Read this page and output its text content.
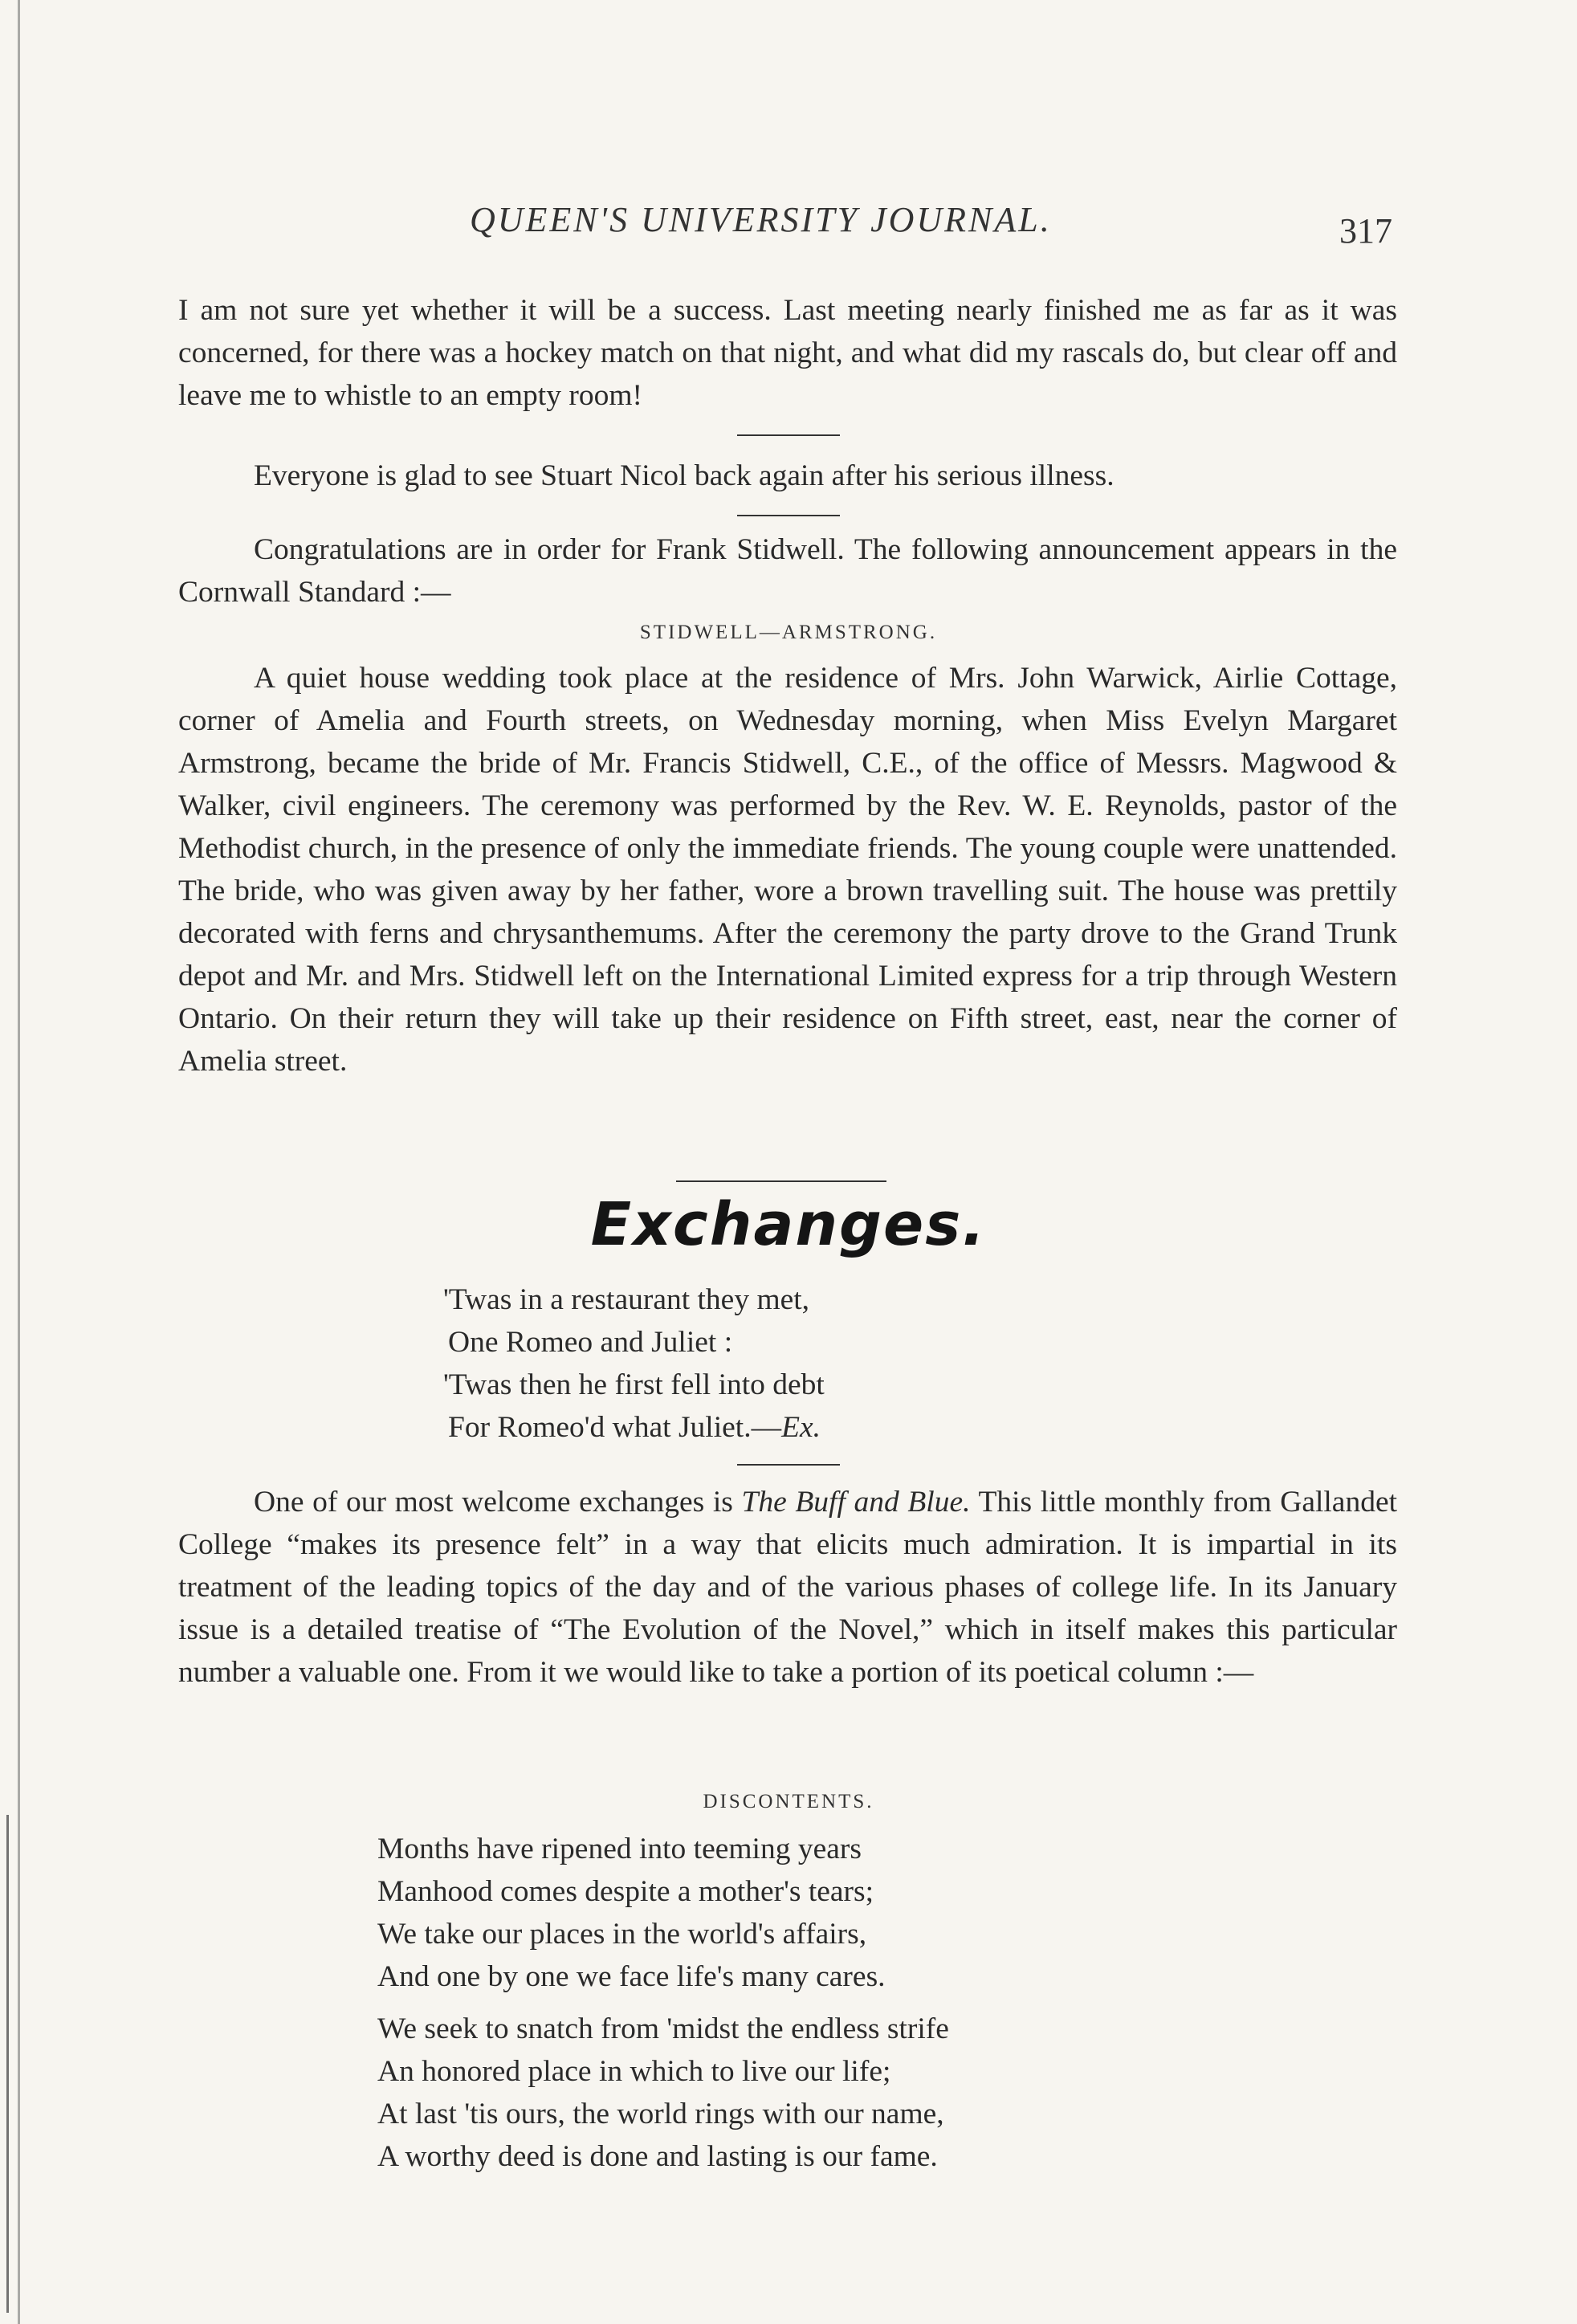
QUEEN'S UNIVERSITY JOURNAL.	317

I am not sure yet whether it will be a success. Last meeting nearly finished me as far as it was concerned, for there was a hockey match on that night, and what did my rascals do, but clear off and leave me to whistle to an empty room!

Everyone is glad to see Stuart Nicol back again after his serious illness.

Congratulations are in order for Frank Stidwell. The following announcement appears in the Cornwall Standard :—

STIDWELL—ARMSTRONG.

A quiet house wedding took place at the residence of Mrs. John Warwick, Airlie Cottage, corner of Amelia and Fourth streets, on Wednesday morning, when Miss Evelyn Margaret Armstrong, became the bride of Mr. Francis Stidwell, C.E., of the office of Messrs. Magwood & Walker, civil engineers. The ceremony was performed by the Rev. W. E. Reynolds, pastor of the Methodist church, in the presence of only the immediate friends. The young couple were unattended. The bride, who was given away by her father, wore a brown travelling suit. The house was prettily decorated with ferns and chrysanthemums. After the ceremony the party drove to the Grand Trunk depot and Mr. and Mrs. Stidwell left on the International Limited express for a trip through Western Ontario. On their return they will take up their residence on Fifth street, east, near the corner of Amelia street.

Exchanges.
'Twas in a restaurant they met,
One Romeo and Juliet :
'Twas then he first fell into debt
For Romeo'd what Juliet.—Ex.

One of our most welcome exchanges is The Buff and Blue. This little monthly from Gallandet College “makes its presence felt” in a way that elicits much admiration. It is impartial in its treatment of the leading topics of the day and of the various phases of college life. In its January issue is a detailed treatise of “The Evolution of the Novel,” which in itself makes this particular number a valuable one. From it we would like to take a portion of its poetical column :—

DISCONTENTS.
Months have ripened into teeming years
Manhood comes despite a mother's tears;
We take our places in the world's affairs,
And one by one we face life's many cares.
We seek to snatch from 'midst the endless strife
An honored place in which to live our life;
At last 'tis ours, the world rings with our name,
A worthy deed is done and lasting is our fame.
